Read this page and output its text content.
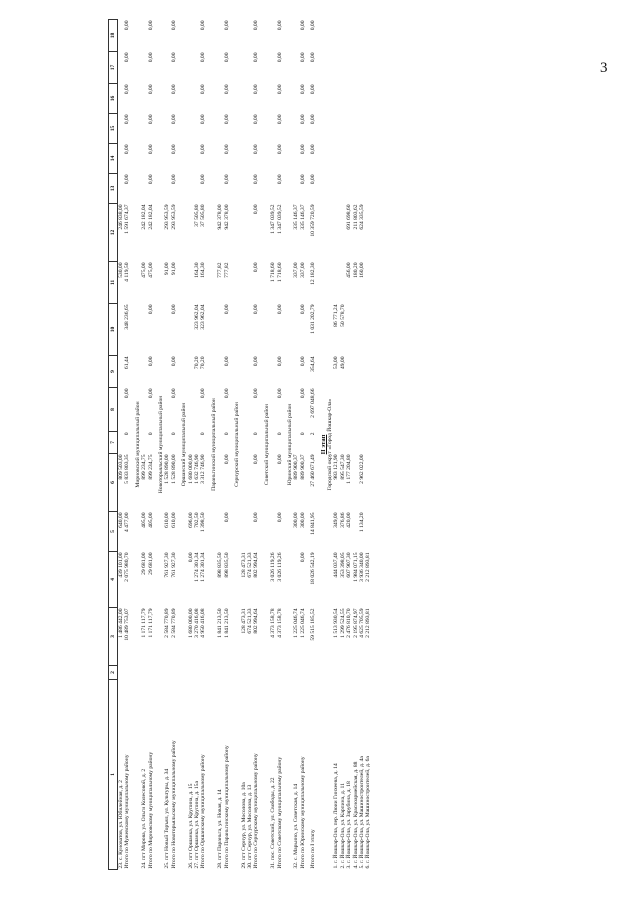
3
1	2	3	4	5	6	7	8	9	10	11	12	13	14	15	16	17	18
23. с. Куноватов, ул. Юбилейная, д. 2		1 486 442,00	439 101,00	640,00	809 503,00					530,00	246 838,00						
Итого по Мужевскому муниципальному району		10 489 753,07	2 075 980,70	4 477,00	5 833 803,35	0	0,00	61,44	348 236,65	4 119,50	1 591 674,37	0,00	0,00	0,00	0,00	0,00	0,00

Мирновский муниципальный район																	
24. пгт Мирова, ул. Ольги Колесовой, д. 2		1 171 117,79	29 681,00	405,00	899 234,75					475,00	242 182,04						
Итого по Мирновскому муниципальному району		1 171 117,79	29 681,00	405,00	899 234,75	0	0,00	0,00	0,00	475,00	242 182,04	0,00	0,00	0,00	0,00	0,00	0,00

Новоторьяльский муниципальный район																	
25. пгт Новый Торъял, ул. Культуры, д. 34		2 584 770,89	761 927,30	610,00	1 528 890,00					91,00	293 953,59						
Итого по Новоторьяльскому муниципальному району		2 584 770,89	761 927,30	610,00	1 528 890,00	0	0,00	0,00	0,00	91,00	293 953,59	0,00	0,00	0,00	0,00	0,00	0,00

Оршанский муниципальный район																	
26. пгт Оршанка, ул. Крупина, д. 15		1 680 000,00	0,00	696,00	1 680 000,00												
27. пгт Оршанка, ул. Крупина, д. 15а		3 270 416,08	1 274 301,34	702,50	1 632 746,90			70,20	323 962,04	164,30	37 505,80						
Итого по Оршанскому муниципальному району		4 950 416,08	1 274 301,34	1 398,50	3 312 746,90	0	0,00	70,20	323 962,04	164,30	37 505,80	0,00	0,00	0,00	0,00	0,00	0,00

Параньгинский муниципальный район																	
28. пгт Параньга, ул. Новая, д. 14		1 841 213,50	898 835,50							777,82	942 378,00						
Итого по Параньгинскому муниципальному району		1 841 213,50	898 835,50	0,00	0,00	0	0,00	0,00	0,00	777,82	942 378,00	0,00	0,00	0,00	0,00	0,00	0,00

Сернурский муниципальный район																	
29. пгт Сернур, ул. Мосолова, д. 10а		128 473,31	128 473,31														
30. пгт Сернур, ул. Мосолова, д. 13		674 521,33	674 521,33														
Итого по Сернурскому муниципальному району		802 994,64	802 994,64	0,00	0,00	0	0,00	0,00	0,00	0,00	0,00	0,00	0,00	0,00	0,00	0,00	0,00

Советский муниципальный район																	
31. пос. Советский, ул. Свободы, д. 22		4 373 158,78	3 026 119,26							1 718,60	1 347 039,52						
Итого по Советскому муниципальному району		4 373 158,78	3 026 119,26	0,00	0,00	0	0,00	0,00	0,00	1 718,60	1 347 039,52	0,00	0,00	0,00	0,00	0,00	0,00

Юринский муниципальный район																	
32. с. Марьино, ул. Советская, д. 14		1 225 046,74		300,00	889 900,37					337,00	335 146,37						
Итого по Юринскому муниципальному району		1 225 046,74	0,00	300,00	889 900,37	0	0,00	0,00	0,00	337,00	335 146,37	0,00	0,00	0,00	0,00	0,00	0,00

Итого по I этапу		59 515 185,52	18 026 542,19	14 841,95	27 460 671,49	2	2 697 048,66	354,64	1 031 202,79	12 182,30	10 359 720,59	0,00	0,00	0,00	0,00	0,00	0,00

II этап																	
Городской округ «Город Йошкар-Ола»																	
1. г. Йошкар-Ола, пер. Люии Гинхеева, д. 14		1 513 930,54	444 037,40	349,00	983 121,90			53,00	86 771,24								
2. г. Йошкар-Ола, ул. Карпина, д. 11		1 299 524,55	353 398,05	376,86	895 547,30			49,00	50 578,70								
3. г. Йошкар-Ола, ул. Зарубина, д. 18		2 476 810,70	607 907,30	420,00	1 177 204,80					456,00	691 698,60						
4. г. Йошкар-Ола, ул. Красноармейская, д. 88		2 195 874,97	1 984 071,15							180,20	211 803,62						
5. г. Йошкар-Ола, ул. Машиностроителей, д. 4а		4 625 705,59	3 936 340,00	1 134,20	2 962 022,00					160,00	624 335,59						
6. г. Йошкар-Ола, ул. Машиностроителей, д. 6а		2 212 893,81	2 212 893,81														
